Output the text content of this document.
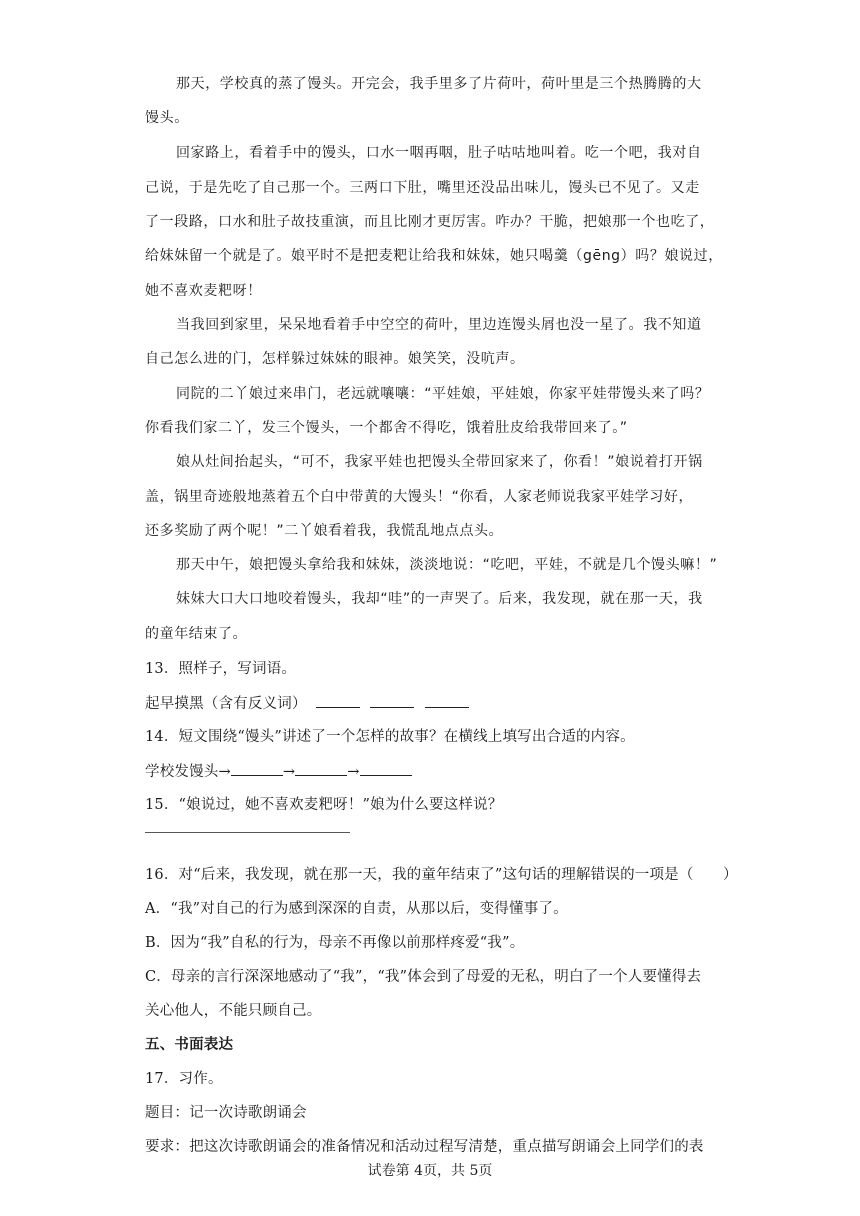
那天，学校真的蒸了馒头。开完会，我手里多了片荷叶，荷叶里是三个热腾腾的大
馒头。
回家路上，看着手中的馒头，口水一咽再咽，肚子咕咕地叫着。吃一个吧，我对自
己说，于是先吃了自己那一个。三两口下肚，嘴里还没品出味儿，馒头已不见了。又走
了一段路，口水和肚子故技重演，而且比刚才更厉害。咋办？干脆，把娘那一个也吃了，
给妹妹留一个就是了。娘平时不是把麦粑让给我和妹妹，她只喝羹（gēng）吗？娘说过，
她不喜欢麦粑呀！
当我回到家里，呆呆地看着手中空空的荷叶，里边连馒头屑也没一星了。我不知道
自己怎么进的门，怎样躲过妹妹的眼神。娘笑笑，没吭声。
同院的二丫娘过来串门，老远就嚷嚷：“平娃娘，平娃娘，你家平娃带馒头来了吗？
你看我们家二丫，发三个馒头，一个都舍不得吃，饿着肚皮给我带回来了。”
娘从灶间抬起头，“可不，我家平娃也把馒头全带回家来了，你看！”娘说着打开锅
盖，锅里奇迹般地蒸着五个白中带黄的大馒头！“你看，人家老师说我家平娃学习好，
还多奖励了两个呢！”二丫娘看着我，我慌乱地点点头。
那天中午，娘把馒头拿给我和妹妹，淡淡地说：“吃吧，平娃，不就是几个馒头嘛！”
妹妹大口大口地咬着馒头，我却“哇”的一声哭了。后来，我发现，就在那一天，我
的童年结束了。
13．照样子，写词语。
起早摸黑（含有反义词）
14．短文围绕“馒头”讲述了一个怎样的故事？在横线上填写出合适的内容。
学校发馒头→	→	→
15．“娘说过，她不喜欢麦粑呀！”娘为什么要这样说？
16．对“后来，我发现，就在那一天，我的童年结束了”这句话的理解错误的一项是（　　）
A．“我”对自己的行为感到深深的自责，从那以后，变得懂事了。
B．因为“我”自私的行为，母亲不再像以前那样疼爱“我”。
C．母亲的言行深深地感动了“我”，“我”体会到了母爱的无私，明白了一个人要懂得去
关心他人，不能只顾自己。
五、书面表达
17．习作。
题目：记一次诗歌朗诵会
要求：把这次诗歌朗诵会的准备情况和活动过程写清楚，重点描写朗诵会上同学们的表
试卷第 4页，共 5页
